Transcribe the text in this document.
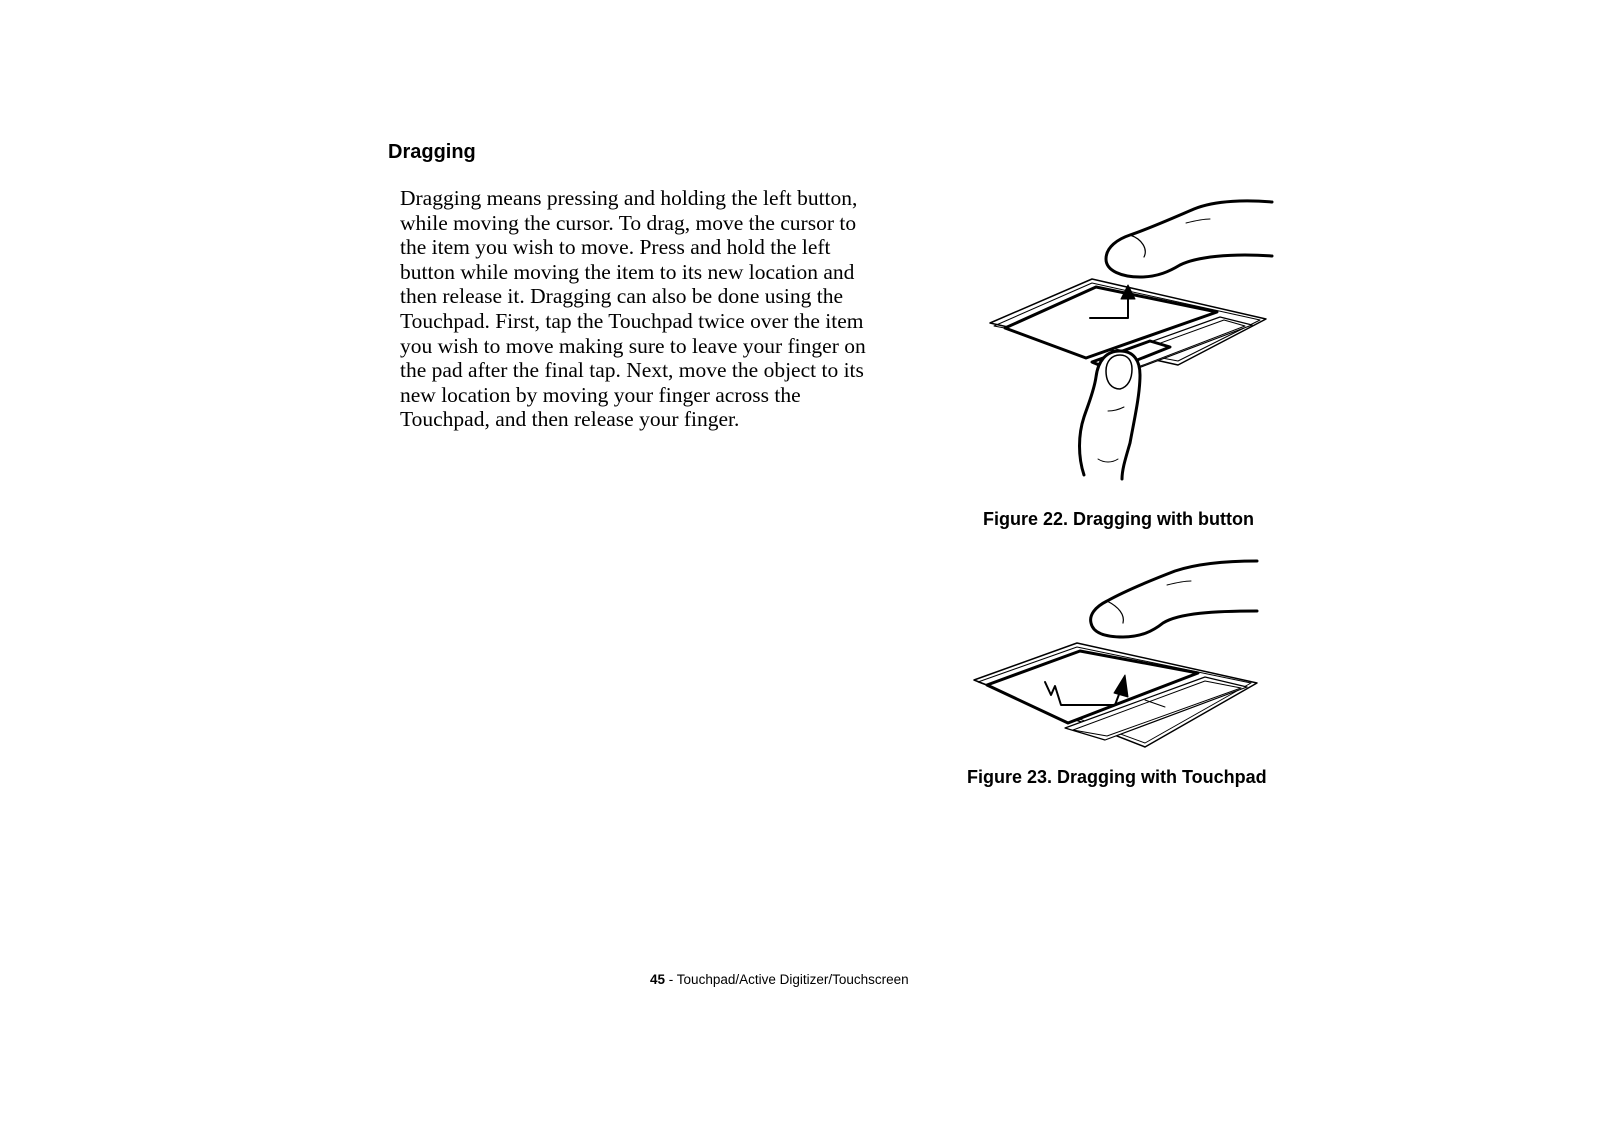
Dragging

Dragging means pressing and holding the left button,
while moving the cursor. To drag, move the cursor to
the item you wish to move. Press and hold the left
button while moving the item to its new location and
then release it. Dragging can also be done using the
Touchpad. First, tap the Touchpad twice over the item
you wish to move making sure to leave your finger on
the pad after the final tap. Next, move the object to its
new location by moving your finger across the
Touchpad, and then release your finger.

Figure 22. Dragging with button

Figure 23. Dragging with Touchpad

45 - Touchpad/Active Digitizer/Touchscreen
